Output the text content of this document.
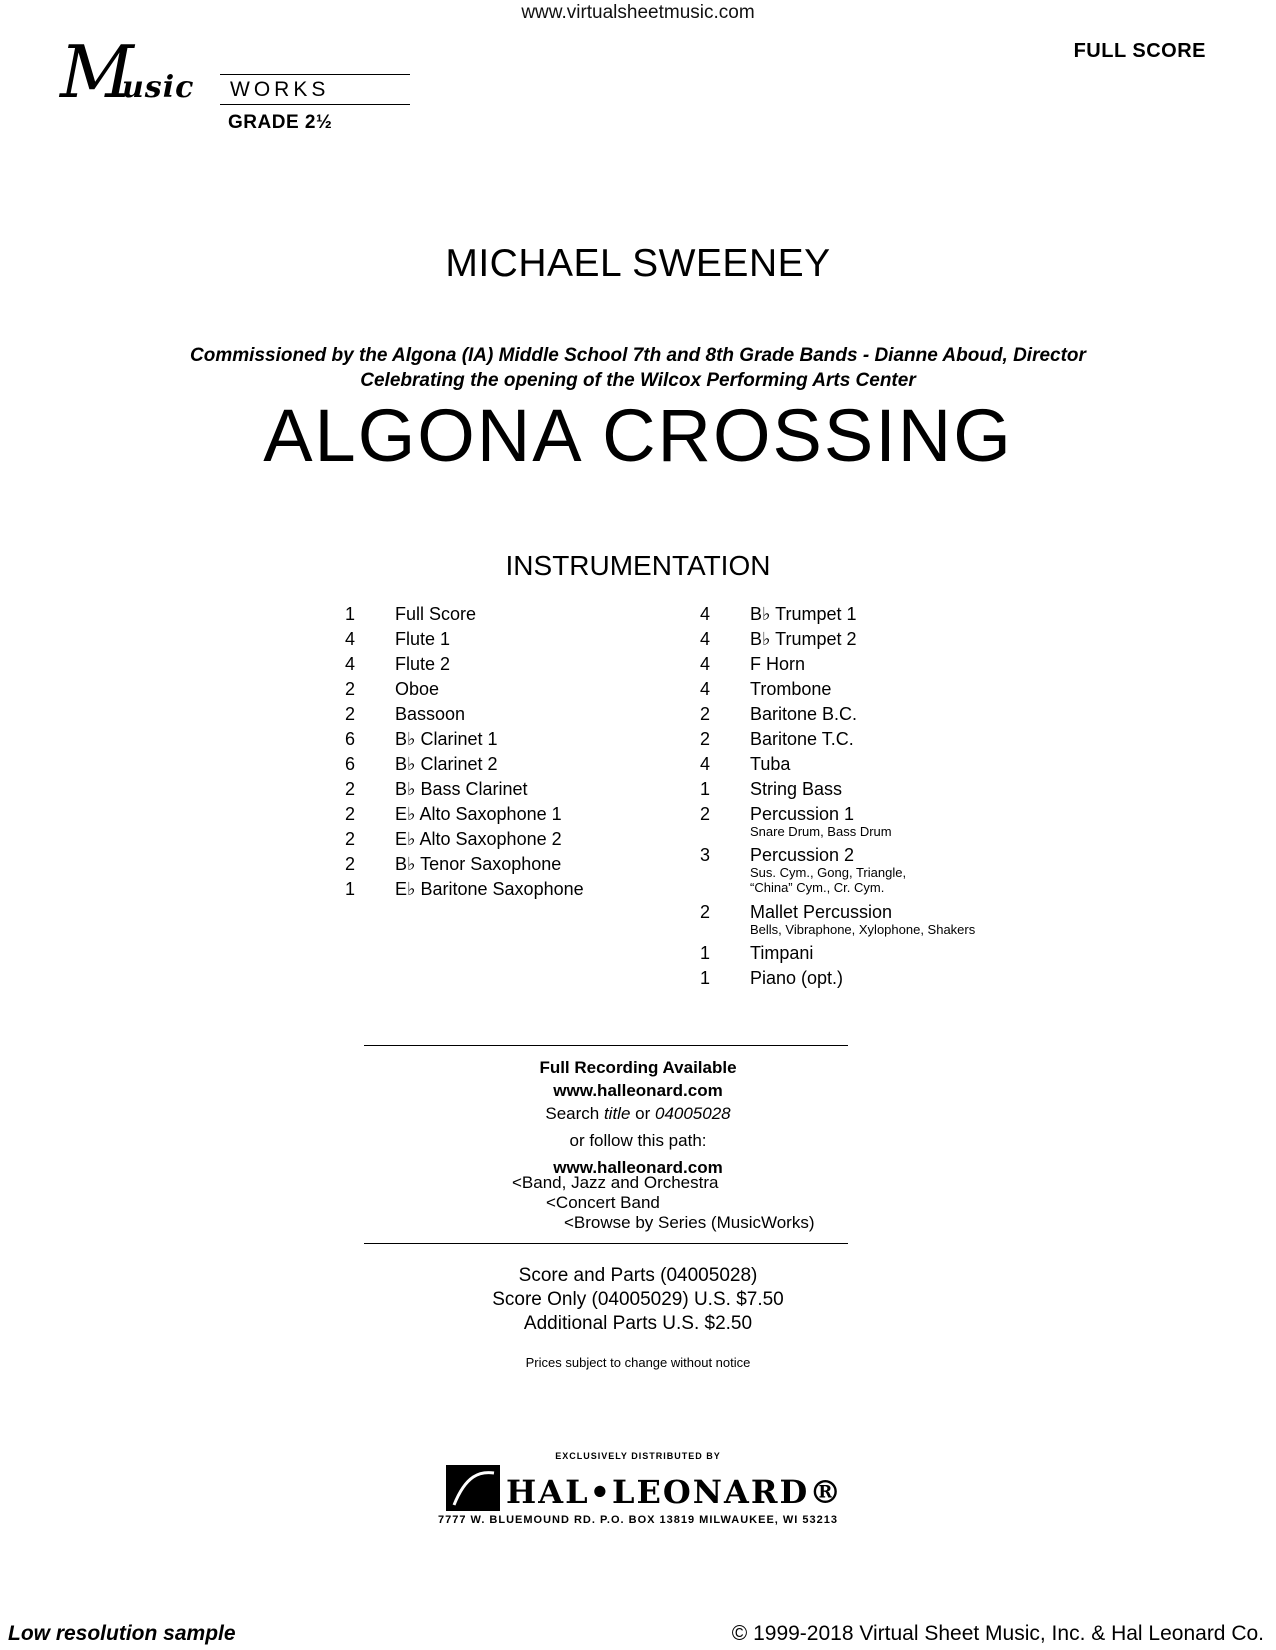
www.virtualsheetmusic.com
FULL SCORE
M
usic WORKS
GRADE 2½
MICHAEL SWEENEY
Commissioned by the Algona (IA) Middle School 7th and 8th Grade Bands - Dianne Aboud, Director
Celebrating the opening of the Wilcox Performing Arts Center
ALGONA CROSSING
INSTRUMENTATION
1	Full Score
4	Flute 1
4	Flute 2
2	Oboe
2	Bassoon
6	B♭ Clarinet 1
6	B♭ Clarinet 2
2	B♭ Bass Clarinet
2	E♭ Alto Saxophone 1
2	E♭ Alto Saxophone 2
2	B♭ Tenor Saxophone
1	E♭ Baritone Saxophone
4	B♭ Trumpet 1
4	B♭ Trumpet 2
4	F Horn
4	Trombone
2	Baritone B.C.
2	Baritone T.C.
4	Tuba
1	String Bass
2	Percussion 1
Snare Drum, Bass Drum
3	Percussion 2
Sus. Cym., Gong, Triangle,
“China” Cym., Cr. Cym.
2	Mallet Percussion
Bells, Vibraphone, Xylophone, Shakers
1	Timpani
1	Piano (opt.)
Full Recording Available
www.halleonard.com
Search title or 04005028
or follow this path:
www.halleonard.com
<Band, Jazz and Orchestra
<Concert Band
<Browse by Series (MusicWorks)
Score and Parts (04005028)
Score Only (04005029) U.S. $7.50
Additional Parts U.S. $2.50
Prices subject to change without notice
EXCLUSIVELY DISTRIBUTED BY
HAL•LEONARD®
7777 W. BLUEMOUND RD. P.O. BOX 13819 MILWAUKEE, WI 53213
Low resolution sample	© 1999-2018 Virtual Sheet Music, Inc. & Hal Leonard Co.
